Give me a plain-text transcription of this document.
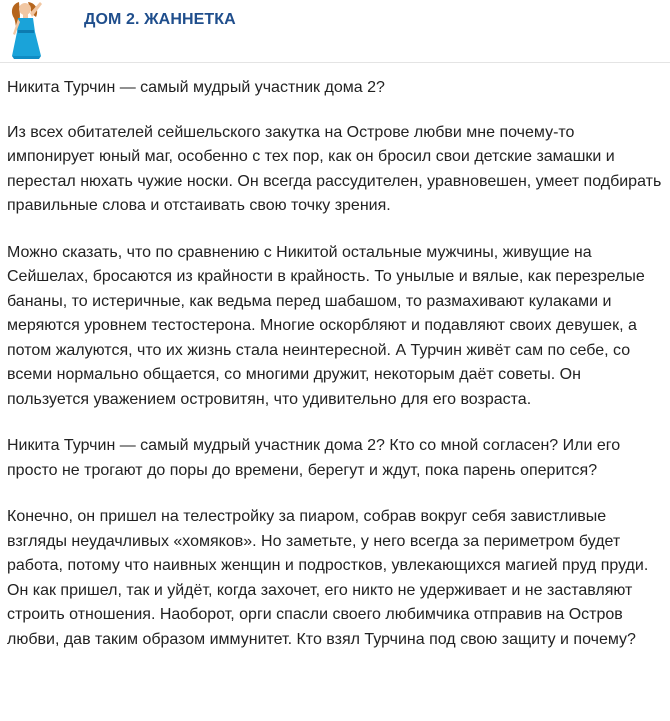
ДОМ 2. ЖАННЕТКА

Никита Турчин — самый мудрый участник дома 2?

Из всех обитателей сейшельского закутка на Острове любви мне почему-то импонирует юный маг, особенно с тех пор, как он бросил свои детские замашки и перестал нюхать чужие носки. Он всегда рассудителен, уравновешен, умеет подбирать правильные слова и отстаивать свою точку зрения.

Можно сказать, что по сравнению с Никитой остальные мужчины, живущие на Сейшелах, бросаются из крайности в крайность. То унылые и вялые, как перезрелые бананы, то истеричные, как ведьма перед шабашом, то размахивают кулаками и меряются уровнем тестостерона. Многие оскорбляют и подавляют своих девушек, а потом жалуются, что их жизнь стала неинтересной. А Турчин живёт сам по себе, со всеми нормально общается, со многими дружит, некоторым даёт советы. Он пользуется уважением островитян, что удивительно для его возраста.

Никита Турчин — самый мудрый участник дома 2? Кто со мной согласен? Или его просто не трогают до поры до времени, берегут и ждут, пока парень оперится?

Конечно, он пришел на телестройку за пиаром, собрав вокруг себя завистливые взгляды неудачливых «хомяков». Но заметьте, у него всегда за периметром будет работа, потому что наивных женщин и подростков, увлекающихся магией пруд пруди. Он как пришел, так и уйдёт, когда захочет, его никто не удерживает и не заставляют строить отношения. Наоборот, орги спасли своего любимчика отправив на Остров любви, дав таким образом иммунитет. Кто взял Турчина под свою защиту и почему?
